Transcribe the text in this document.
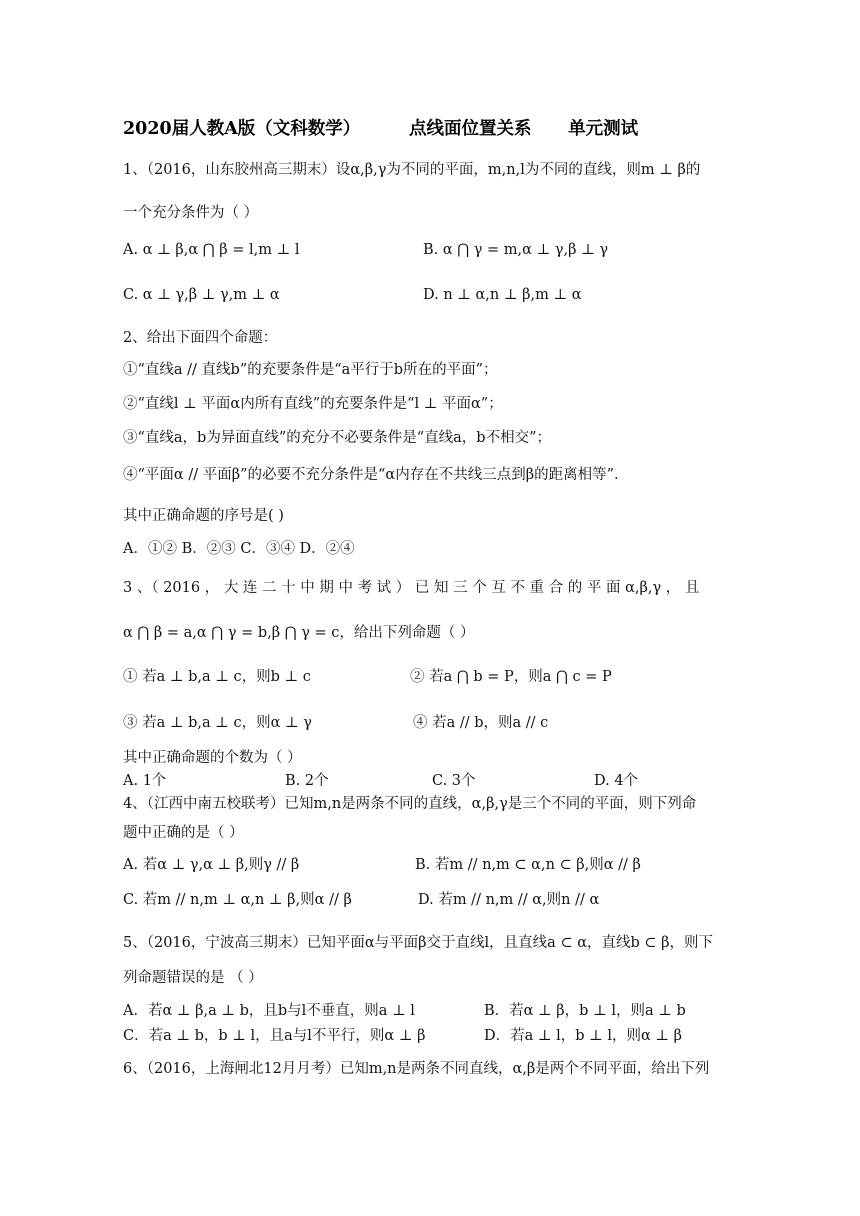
2020届人教A版（文科数学）        点线面位置关系      单元测试
1、（2016，山东胶州高三期末）设α,β,γ为不同的平面，m,n,l为不同的直线，则m ⊥ β的
一个充分条件为（ ）
A. α ⊥ β,α ⋂ β = l,m ⊥ l	B. α ⋂ γ = m,α ⊥ γ,β ⊥ γ
C. α ⊥ γ,β ⊥ γ,m ⊥ α	D. n ⊥ α,n ⊥ β,m ⊥ α
2、给出下面四个命题：
①“直线a // 直线b”的充要条件是“a平行于b所在的平面”；
②“直线l ⊥ 平面α内所有直线”的充要条件是“l ⊥ 平面α”；
③“直线a，b为异面直线”的充分不必要条件是“直线a，b不相交”；
④“平面α // 平面β”的必要不充分条件是“α内存在不共线三点到β的距离相等”.
其中正确命题的序号是( )
A．①② B．②③ C．③④ D．②④
3 、（ 2016 ， 大 连 二 十 中 期 中 考 试 ） 已 知 三 个 互 不 重 合 的 平 面 α,β,γ ， 且
α ⋂ β = a,α ⋂ γ = b,β ⋂ γ = c，给出下列命题（ ）
① 若a ⊥ b,a ⊥ c，则b ⊥ c	② 若a ⋂ b = P，则a ⋂ c = P
③ 若a ⊥ b,a ⊥ c，则α ⊥ γ	④ 若a // b，则a // c
其中正确命题的个数为（ ）
A. 1个	B. 2个	C. 3个	D. 4个
4、（江西中南五校联考）已知m,n是两条不同的直线，α,β,γ是三个不同的平面，则下列命
题中正确的是（ ）
A. 若α ⊥ γ,α ⊥ β,则γ // β	B. 若m // n,m ⊂ α,n ⊂ β,则α // β
C. 若m // n,m ⊥ α,n ⊥ β,则α // β	D. 若m // n,m // α,则n // α
5、（2016，宁波高三期末）已知平面α与平面β交于直线l，且直线a ⊂ α，直线b ⊂ β，则下
列命题错误的是 （ ）
A．若α ⊥ β,a ⊥ b，且b与l不垂直，则a ⊥ l	B．若α ⊥ β，b ⊥ l，则a ⊥ b
C．若a ⊥ b，b ⊥ l，且a与l不平行，则α ⊥ β	D．若a ⊥ l，b ⊥ l，则α ⊥ β
6、（2016，上海闸北12月月考）已知m,n是两条不同直线，α,β是两个不同平面，给出下列
